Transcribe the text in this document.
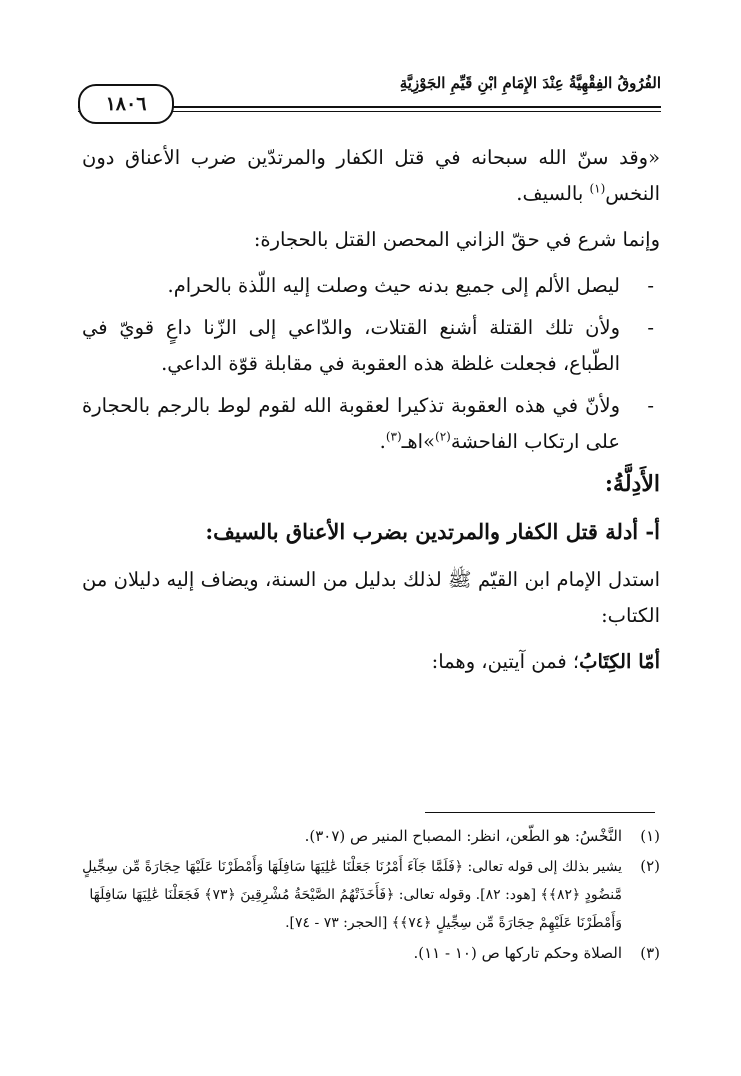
الفُرُوقُ الفِقْهِيَّةُ عِنْدَ الإِمَامِ ابْنِ قَيِّمِ الجَوْزِيَّةِ
١٨٠٦

«وقد سنّ الله سبحانه في قتل الكفار والمرتدّين ضرب الأعناق دون النخس$^{(١)}$ بالسيف.

وإنما شرع في حقّ الزاني المحصن القتل بالحجارة:

-
ليصل الألم إلى جميع بدنه حيث وصلت إليه اللّذة بالحرام.
-
ولأن تلك القتلة أشنع القتلات، والدّاعي إلى الزّنا داعٍ قويّ في الطّباع، فجعلت غلظة هذه العقوبة في مقابلة قوّة الداعي.
-
ولأنّ في هذه العقوبة تذكيرا لعقوبة الله لقوم لوط بالرجم بالحجارة على ارتكاب الفاحشة$^{(٢)}$»اهـ$^{(٣)}$.
الأَدِلَّةُ:
أ- أدلة قتل الكفار والمرتدين بضرب الأعناق بالسيف:

استدل الإمام ابن القيّم ﷺ لذلك بدليل من السنة، ويضاف إليه دليلان من الكتاب:

أمّا الكِتَابُ؛ فمن آيتين، وهما:

(١)
النَّخْسُ: هو الطّعن، انظر: المصباح المنير ص (٣٠٧).
(٢)
يشير بذلك إلى قوله تعالى: ﴿فَلَمَّا جَآءَ أَمْرُنَا جَعَلْنَا عَٰلِيَهَا سَافِلَهَا وَأَمْطَرْنَا عَلَيْهَا حِجَارَةً مِّن سِجِّيلٍ مَّنضُودٍ ﴿٨٢﴾﴾ [هود: ٨٢]. وقوله تعالى: ﴿فَأَخَذَتْهُمُ الصَّيْحَةُ مُشْرِقِينَ ﴿٧٣﴾ فَجَعَلْنَا عَٰلِيَهَا سَافِلَهَا وَأَمْطَرْنَا عَلَيْهِمْ حِجَارَةً مِّن سِجِّيلٍ ﴿٧٤﴾﴾ [الحجر: ٧٣ - ٧٤].
(٣)
الصلاة وحكم تاركها ص (١٠ - ١١).
